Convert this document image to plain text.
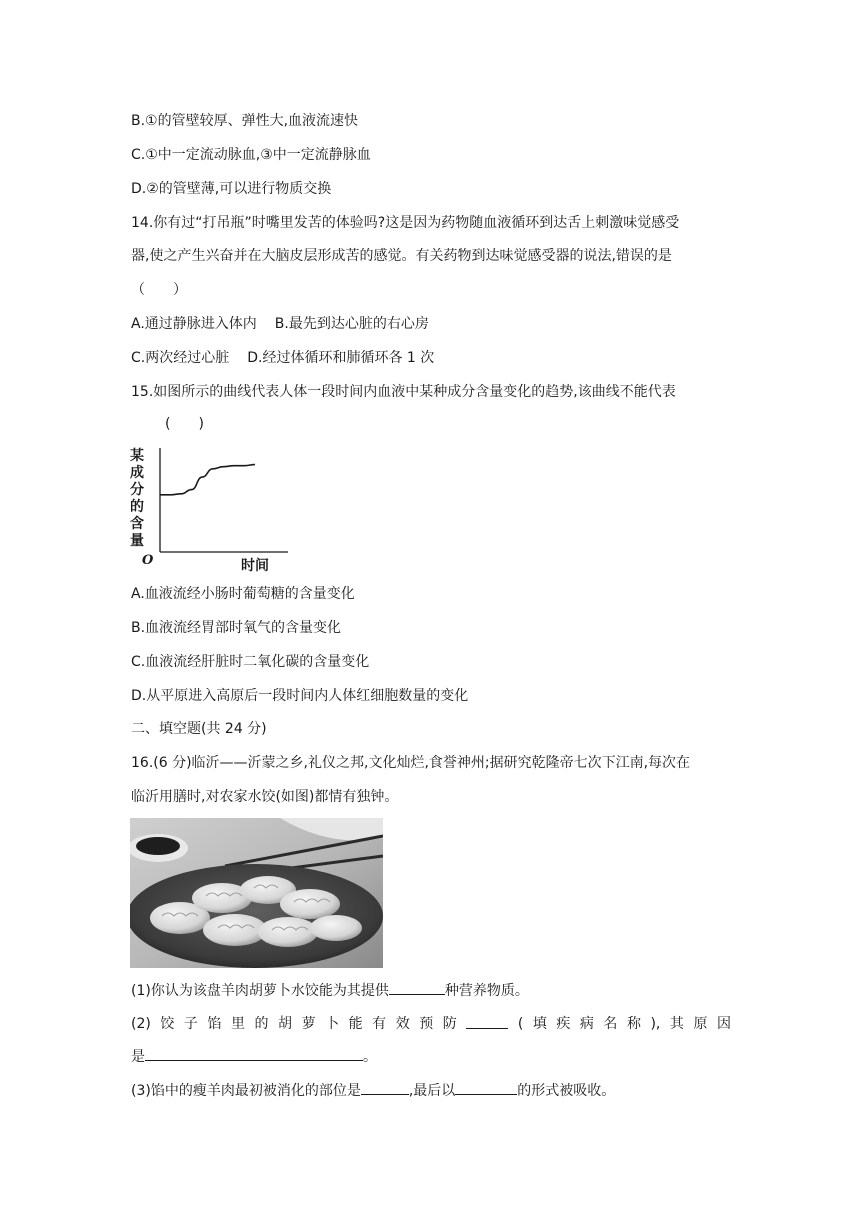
B.①的管壁较厚、弹性大,血液流速快
C.①中一定流动脉血,③中一定流静脉血
D.②的管壁薄,可以进行物质交换
14.你有过“打吊瓶”时嘴里发苦的体验吗?这是因为药物随血液循环到达舌上刺激味觉感受
器,使之产生兴奋并在大脑皮层形成苦的感觉。有关药物到达味觉感受器的说法,错误的是
（　　）
A.通过静脉进入体内 B.最先到达心脏的右心房
C.两次经过心脏 D.经过体循环和肺循环各 1 次
15.如图所示的曲线代表人体一段时间内血液中某种成分含量变化的趋势,该曲线不能代表
(　　)
某
成
分
的
含
量
O	时间
A.血液流经小肠时葡萄糖的含量变化
B.血液流经胃部时氧气的含量变化
C.血液流经肝脏时二氧化碳的含量变化
D.从平原进入高原后一段时间内人体红细胞数量的变化
二、填空题(共 24 分)
16.(6 分)临沂——沂蒙之乡,礼仪之邦,文化灿烂,食誉神州;据研究乾隆帝七次下江南,每次在
临沂用膳时,对农家水饺(如图)都情有独钟。
(1)你认为该盘羊肉胡萝卜水饺能为其提供	种营养物质。
(2) 饺 子 馅 里 的 胡 萝 卜 能 有 效 预 防	( 填 疾 病 名 称 ), 其 原 因
是	。
(3)馅中的瘦羊肉最初被消化的部位是	,最后以	的形式被吸收。
